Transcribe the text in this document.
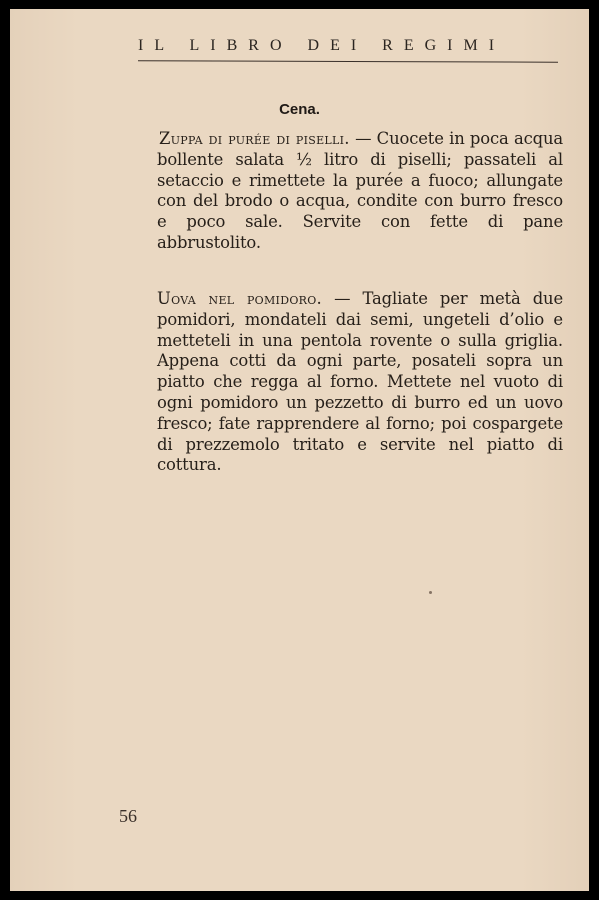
IL LIBRO DEI REGIMI
Cena.

Zuppa di purée di piselli. — Cuocete in poca acqua bollente salata ½ litro di piselli; passateli al setaccio e rimettete la purée a fuoco; allungate con del brodo o acqua, condite con burro fresco e poco sale. Servite con fette di pane abbrustolito.

Uova nel pomidoro. — Tagliate per metà due pomidori, mondateli dai semi, ungeteli d’olio e metteteli in una pentola rovente o sulla griglia. Appena cotti da ogni parte, posateli sopra un piatto che regga al forno. Mettete nel vuoto di ogni pomidoro un pezzetto di burro ed un uovo fresco; fate rapprendere al forno; poi cospargete di prezzemolo tritato e servite nel piatto di cottura.

56
